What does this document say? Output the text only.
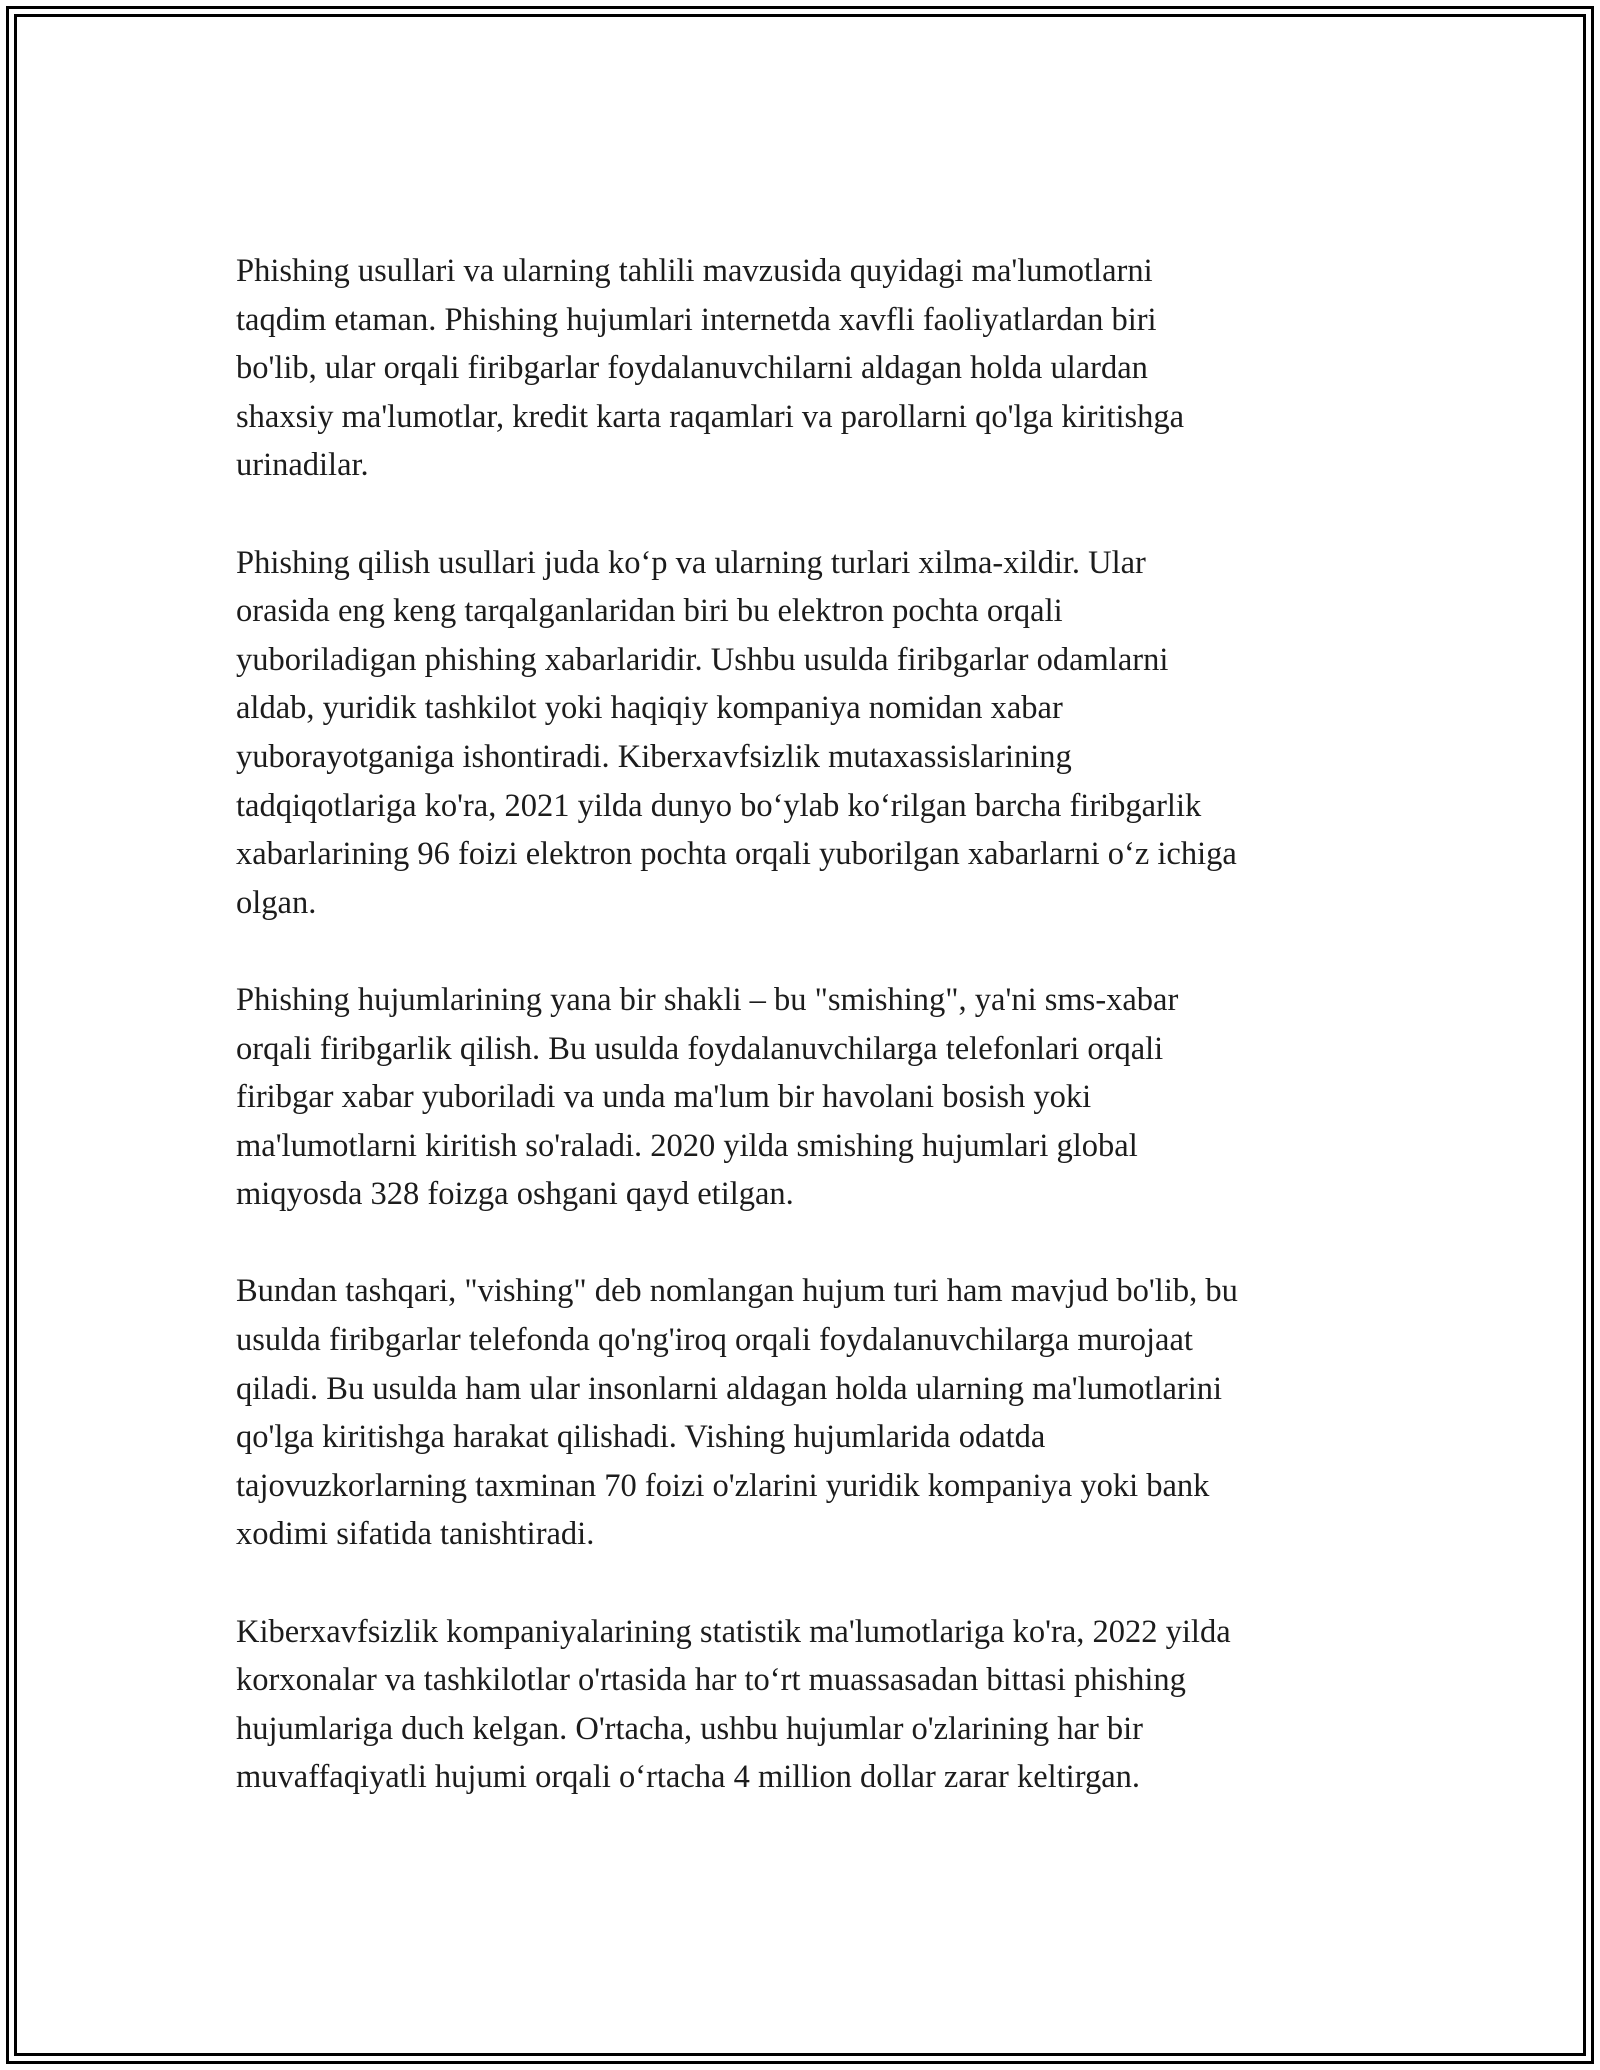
Phishing usullari va ularning tahlili mavzusida quyidagi ma'lumotlarni
taqdim etaman. Phishing hujumlari internetda xavfli faoliyatlardan biri
bo'lib, ular orqali firibgarlar foydalanuvchilarni aldagan holda ulardan
shaxsiy ma'lumotlar, kredit karta raqamlari va parollarni qo'lga kiritishga
urinadilar.

Phishing qilish usullari juda ko‘p va ularning turlari xilma-xildir. Ular
orasida eng keng tarqalganlaridan biri bu elektron pochta orqali
yuboriladigan phishing xabarlaridir. Ushbu usulda firibgarlar odamlarni
aldab, yuridik tashkilot yoki haqiqiy kompaniya nomidan xabar
yuborayotganiga ishontiradi. Kiberxavfsizlik mutaxassislarining
tadqiqotlariga ko'ra, 2021 yilda dunyo bo‘ylab ko‘rilgan barcha firibgarlik
xabarlarining 96 foizi elektron pochta orqali yuborilgan xabarlarni o‘z ichiga
olgan.

Phishing hujumlarining yana bir shakli – bu "smishing", ya'ni sms-xabar
orqali firibgarlik qilish. Bu usulda foydalanuvchilarga telefonlari orqali
firibgar xabar yuboriladi va unda ma'lum bir havolani bosish yoki
ma'lumotlarni kiritish so'raladi. 2020 yilda smishing hujumlari global
miqyosda 328 foizga oshgani qayd etilgan.

Bundan tashqari, "vishing" deb nomlangan hujum turi ham mavjud bo'lib, bu
usulda firibgarlar telefonda qo'ng'iroq orqali foydalanuvchilarga murojaat
qiladi. Bu usulda ham ular insonlarni aldagan holda ularning ma'lumotlarini
qo'lga kiritishga harakat qilishadi. Vishing hujumlarida odatda
tajovuzkorlarning taxminan 70 foizi o'zlarini yuridik kompaniya yoki bank
xodimi sifatida tanishtiradi.

Kiberxavfsizlik kompaniyalarining statistik ma'lumotlariga ko'ra, 2022 yilda
korxonalar va tashkilotlar o'rtasida har to‘rt muassasadan bittasi phishing
hujumlariga duch kelgan. O'rtacha, ushbu hujumlar o'zlarining har bir
muvaffaqiyatli hujumi orqali o‘rtacha 4 million dollar zarar keltirgan.
